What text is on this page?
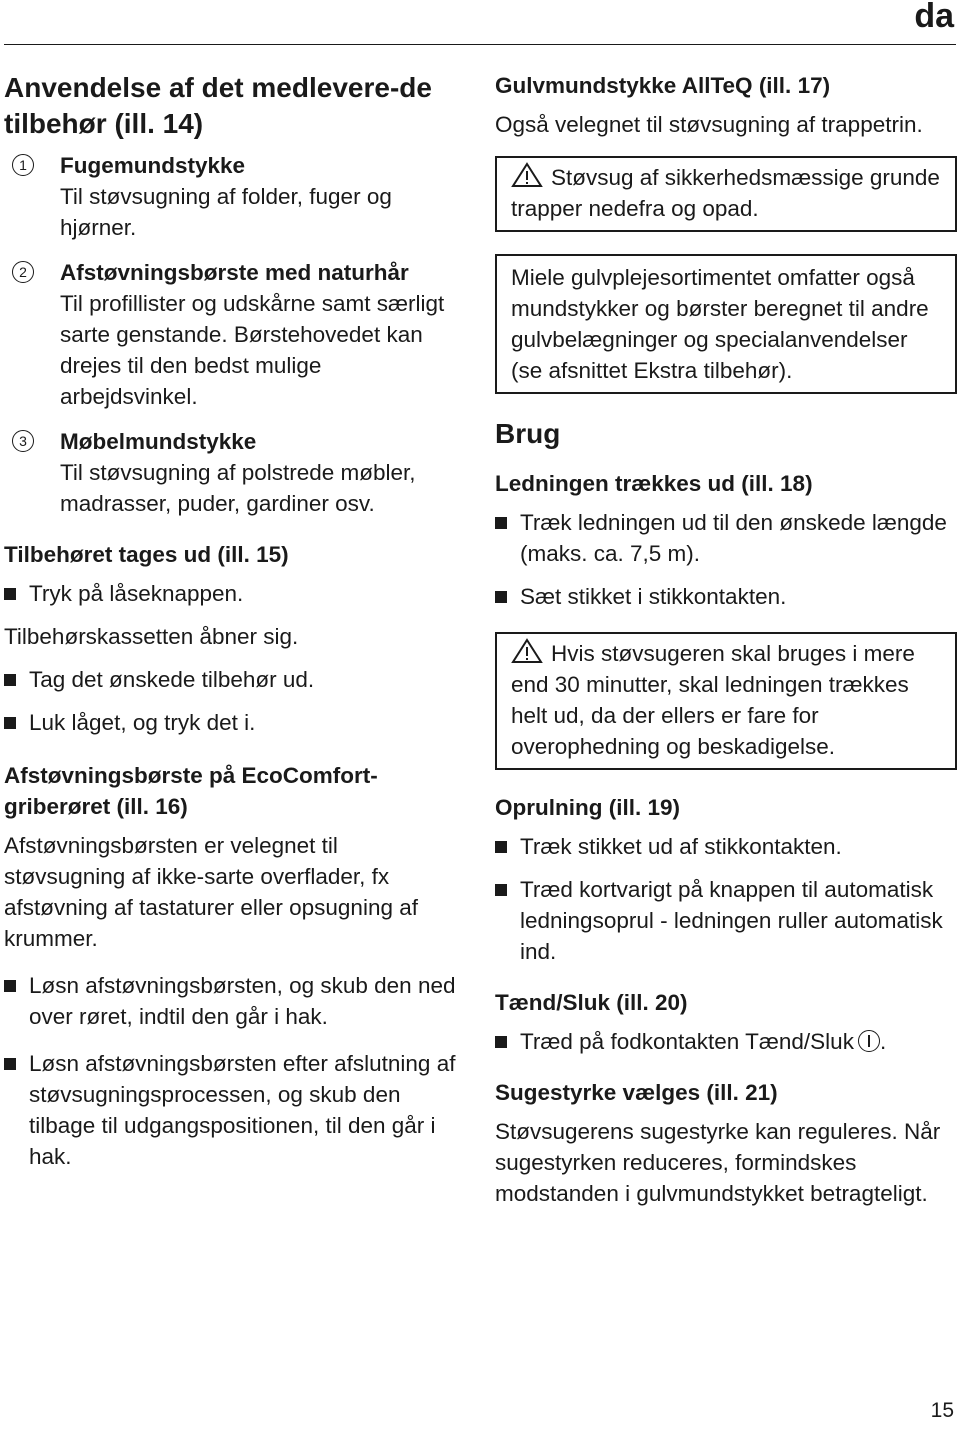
da
Anvendelse af det medlevere-de tilbehør (ill. 14)
1	Fugemundstykke

Til støvsugning af folder, fuger og hjørner.

2	Afstøvningsbørste med naturhår

Til profillister og udskårne samt særligt sarte genstande. Børstehovedet kan drejes til den bedst mulige arbejdsvinkel.

3	Møbelmundstykke

Til støvsugning af polstrede møbler, madrasser, puder, gardiner osv.

Tilbehøret tages ud (ill. 15)
Tryk på låseknappen.

Tilbehørskassetten åbner sig.

Tag det ønskede tilbehør ud.
Luk låget, og tryk det i.
Afstøvningsbørste på EcoComfort-griberøret (ill. 16)

Afstøvningsbørsten er velegnet til støvsugning af ikke-sarte overflader, fx afstøvning af tastaturer eller opsugning af krummer.

Løsn afstøvningsbørsten, og skub den ned over røret, indtil den går i hak.
Løsn afstøvningsbørsten efter afslutning af støvsugningsprocessen, og skub den tilbage til udgangspositionen, til den går i hak.
Gulvmundstykke AllTeQ (ill. 17)

Også velegnet til støvsugning af trappetrin.

Støvsug af sikkerhedsmæssige grunde trapper nedefra og opad.

Miele gulvplejesortimentet omfatter også mundstykker og børster beregnet til andre gulvbelægninger og specialanvendelser (se afsnittet Ekstra tilbehør).

Brug
Ledningen trækkes ud (ill. 18)
Træk ledningen ud til den ønskede længde (maks. ca. 7,5 m).
Sæt stikket i stikkontakten.

Hvis støvsugeren skal bruges i mere end 30 minutter, skal ledningen trækkes helt ud, da der ellers er fare for overophedning og beskadigelse.

Oprulning (ill. 19)
Træk stikket ud af stikkontakten.
Træd kortvarigt på knappen til automatisk ledningsoprul - ledningen ruller automatisk ind.
Tænd/Sluk (ill. 20)
Træd på fodkontakten Tænd/Sluk .
Sugestyrke vælges (ill. 21)

Støvsugerens sugestyrke kan reguleres. Når sugestyrken reduceres, formindskes modstanden i gulvmundstykket betragteligt.

15
